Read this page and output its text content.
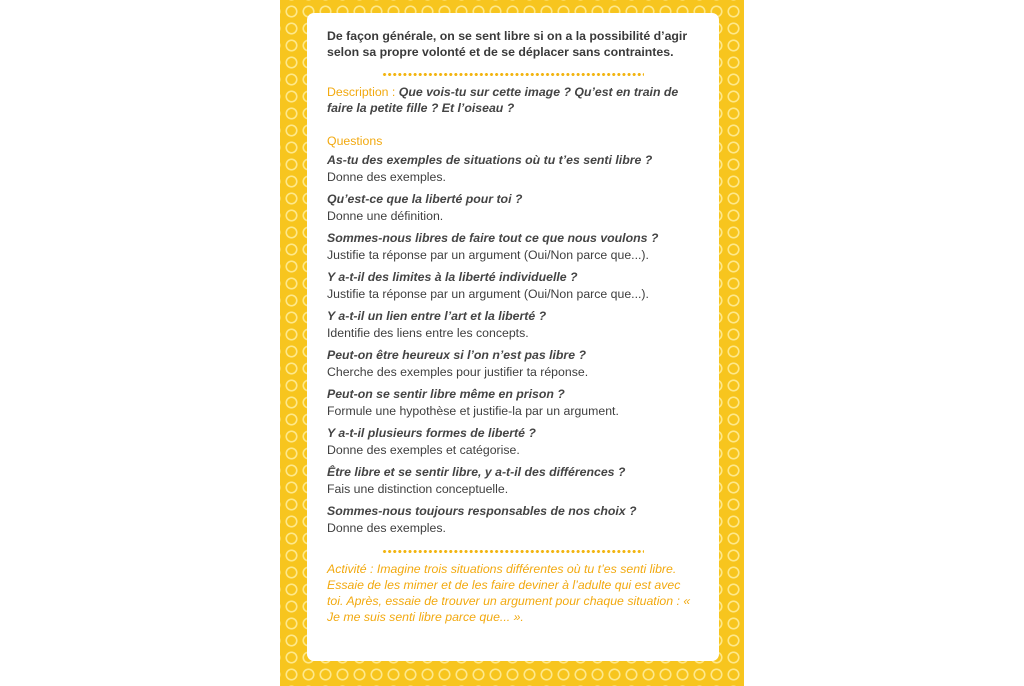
De façon générale, on se sent libre si on a la possibilité d’agir selon sa propre volonté et de se déplacer sans contraintes.

Description : Que vois-tu sur cette image ? Qu’est en train de faire la petite fille ? Et l’oiseau ?

Questions
As-tu des exemples de situations où tu t’es senti libre ?
Donne des exemples.
Qu’est-ce que la liberté pour toi ?
Donne une définition.
Sommes-nous libres de faire tout ce que nous voulons ?
Justifie ta réponse par un argument (Oui/Non parce que...).
Y a-t-il des limites à la liberté individuelle ?
Justifie ta réponse par un argument (Oui/Non parce que...).
Y a-t-il un lien entre l’art et la liberté ?
Identifie des liens entre les concepts.
Peut-on être heureux si l’on n’est pas libre ?
Cherche des exemples pour justifier ta réponse.
Peut-on se sentir libre même en prison ?
Formule une hypothèse et justifie-la par un argument.
Y a-t-il plusieurs formes de liberté ?
Donne des exemples et catégorise.
Être libre et se sentir libre, y a-t-il des différences ?
Fais une distinction conceptuelle.
Sommes-nous toujours responsables de nos choix ?
Donne des exemples.

Activité : Imagine trois situations différentes où tu t’es senti libre. Essaie de les mimer et de les faire deviner à l’adulte qui est avec toi. Après, essaie de trouver un argument pour chaque situation : « Je me suis senti libre parce que... ».
